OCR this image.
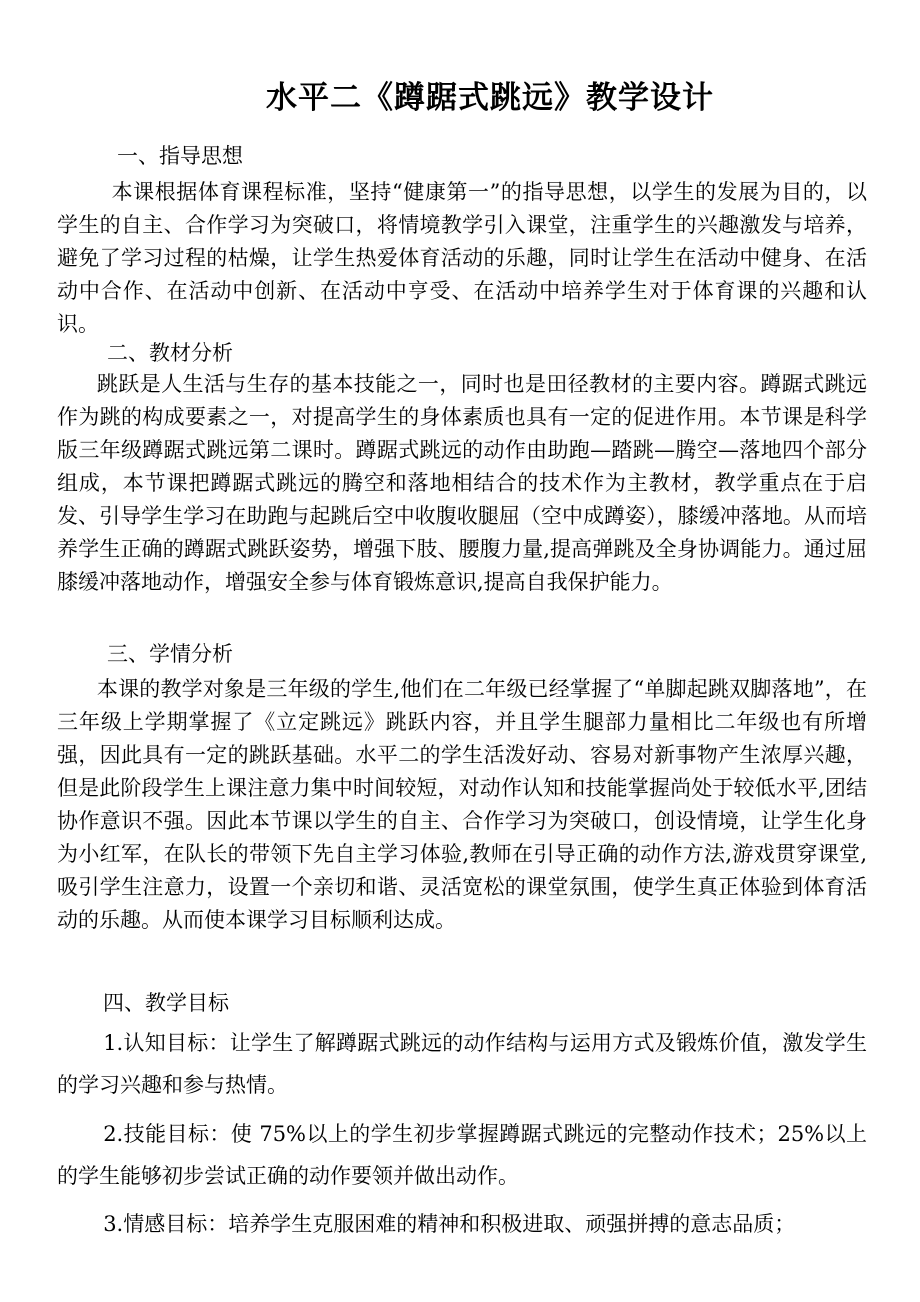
水平二《蹲踞式跳远》教学设计
一、指导思想

本课根据体育课程标准，坚持“健康第一”的指导思想，以学生的发展为目的，以学生的自主、合作学习为突破口，将情境教学引入课堂，注重学生的兴趣激发与培养，避免了学习过程的枯燥，让学生热爱体育活动的乐趣，同时让学生在活动中健身、在活动中合作、在活动中创新、在活动中亨受、在活动中培养学生对于体育课的兴趣和认识。

二、教材分析

跳跃是人生活与生存的基本技能之一，同时也是田径教材的主要内容。蹲踞式跳远作为跳的构成要素之一，对提高学生的身体素质也具有一定的促进作用。本节课是科学版三年级蹲踞式跳远第二课时。蹲踞式跳远的动作由助跑—踏跳—腾空—落地四个部分组成，本节课把蹲踞式跳远的腾空和落地相结合的技术作为主教材，教学重点在于启发、引导学生学习在助跑与起跳后空中收腹收腿屈（空中成蹲姿），膝缓冲落地。从而培养学生正确的蹲踞式跳跃姿势，增强下肢、腰腹力量,提高弹跳及全身协调能力。通过屈膝缓冲落地动作，增强安全参与体育锻炼意识,提高自我保护能力。

三、学情分析

本课的教学对象是三年级的学生,他们在二年级已经掌握了“单脚起跳双脚落地”，在三年级上学期掌握了《立定跳远》跳跃内容，并且学生腿部力量相比二年级也有所增强，因此具有一定的跳跃基础。水平二的学生活泼好动、容易对新事物产生浓厚兴趣，但是此阶段学生上课注意力集中时间较短，对动作认知和技能掌握尚处于较低水平,团结协作意识不强。因此本节课以学生的自主、合作学习为突破口，创设情境，让学生化身为小红军，在队长的带领下先自主学习体验,教师在引导正确的动作方法,游戏贯穿课堂,吸引学生注意力，设置一个亲切和谐、灵活宽松的课堂氛围，使学生真正体验到体育活动的乐趣。从而使本课学习目标顺利达成。

四、教学目标

1.认知目标：让学生了解蹲踞式跳远的动作结构与运用方式及锻炼价值，激发学生的学习兴趣和参与热情。

2.技能目标：使 75%以上的学生初步掌握蹲踞式跳远的完整动作技术；25%以上的学生能够初步尝试正确的动作要领并做出动作。

3.情感目标：培养学生克服困难的精神和积极进取、顽强拼搏的意志品质；
